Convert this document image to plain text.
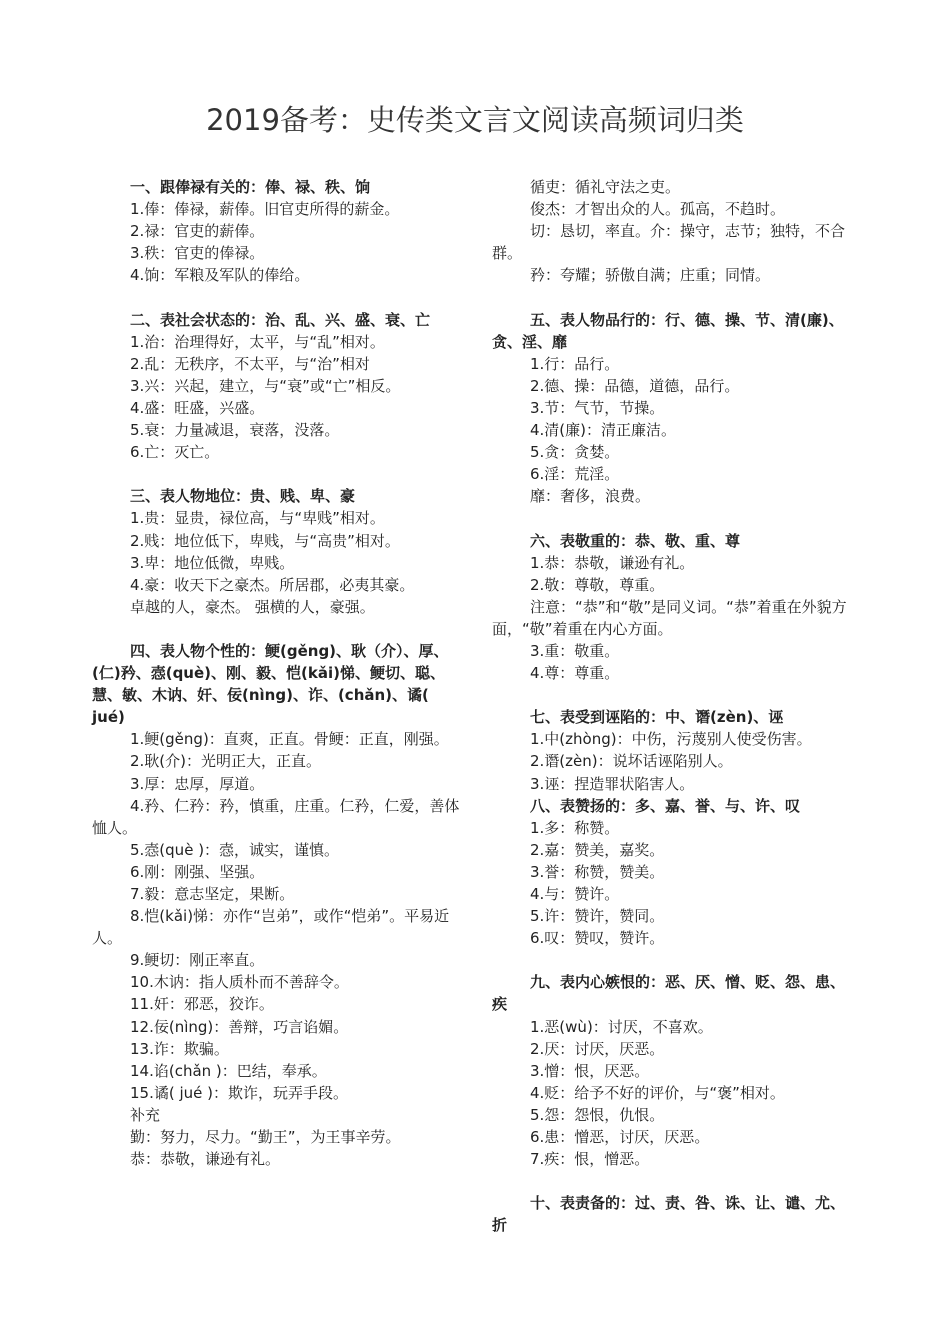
2019备考：史传类文言文阅读高频词归类

一、跟俸禄有关的：俸、禄、秩、饷

1.俸：俸禄，薪俸。旧官吏所得的薪金。

2.禄：官吏的薪俸。

3.秩：官吏的俸禄。

4.饷：军粮及军队的俸给。

二、表社会状态的：治、乱、兴、盛、衰、亡

1.治：治理得好，太平，与“乱”相对。

2.乱：无秩序，不太平，与“治”相对

3.兴：兴起，建立，与“衰”或“亡”相反。

4.盛：旺盛，兴盛。

5.衰：力量减退，衰落，没落。

6.亡：灭亡。

三、表人物地位：贵、贱、卑、豪

1.贵：显贵，禄位高，与“卑贱”相对。

2.贱：地位低下，卑贱，与“高贵”相对。

3.卑：地位低微，卑贱。

4.豪：收天下之豪杰。所居郡，必夷其豪。

卓越的人，豪杰。 强横的人，豪强。

四、表人物个性的：鲠(gěng)、耿（介）、厚、(仁)矜、悫(què)、刚、毅、恺(kǎi)悌、鲠切、聪、慧、敏、木讷、奸、佞(nìng)、诈、(chǎn)、谲( jué)

1.鲠(gěng)：直爽，正直。骨鲠：正直，刚强。

2.耿(介)：光明正大，正直。

3.厚：忠厚，厚道。

4.矜、仁矜：矜，慎重，庄重。仁矜，仁爱，善体恤人。

5.悫(què )：悫，诚实，谨慎。

6.刚：刚强、坚强。

7.毅：意志坚定，果断。

8.恺(kǎi)悌：亦作“岂弟”，或作“恺弟”。平易近人。

9.鲠切：刚正率直。

10.木讷：指人质朴而不善辞令。

11.奸：邪恶，狡诈。

12.佞(nìng)：善辩，巧言谄媚。

13.诈：欺骗。

14.谄(chǎn )：巴结，奉承。

15.谲( jué )：欺诈，玩弄手段。

补充

勤：努力，尽力。“勤王”，为王事辛劳。

恭：恭敬，谦逊有礼。

循吏：循礼守法之吏。

俊杰：才智出众的人。孤高，不趋时。

切：恳切，率直。介：操守，志节；独特，不合群。

矜：夸耀；骄傲自满；庄重；同情。

五、表人物品行的：行、德、操、节、清(廉)、贪、淫、靡

1.行：品行。

2.德、操：品德，道德，品行。

3.节：气节，节操。

4.清(廉)：清正廉洁。

5.贪：贪婪。

6.淫：荒淫。

靡：奢侈，浪费。

六、表敬重的：恭、敬、重、尊

1.恭：恭敬，谦逊有礼。

2.敬：尊敬，尊重。

注意：“恭”和“敬”是同义词。“恭”着重在外貌方面，“敬”着重在内心方面。

3.重：敬重。

4.尊：尊重。

七、表受到诬陷的：中、谮(zèn)、诬

1.中(zhòng)：中伤，污蔑别人使受伤害。

2.谮(zèn)：说坏话诬陷别人。

3.诬：捏造罪状陷害人。

八、表赞扬的：多、嘉、誉、与、许、叹

1.多：称赞。

2.嘉：赞美，嘉奖。

3.誉：称赞，赞美。

4.与：赞许。

5.许：赞许，赞同。

6.叹：赞叹，赞许。

九、表内心嫉恨的：恶、厌、憎、贬、怨、患、疾

1.恶(wù)：讨厌，不喜欢。

2.厌：讨厌，厌恶。

3.憎：恨，厌恶。

4.贬：给予不好的评价，与“褒”相对。

5.怨：怨恨，仇恨。

6.患：憎恶，讨厌，厌恶。

7.疾：恨，憎恶。

十、表责备的：过、责、咎、诛、让、谴、尤、折
